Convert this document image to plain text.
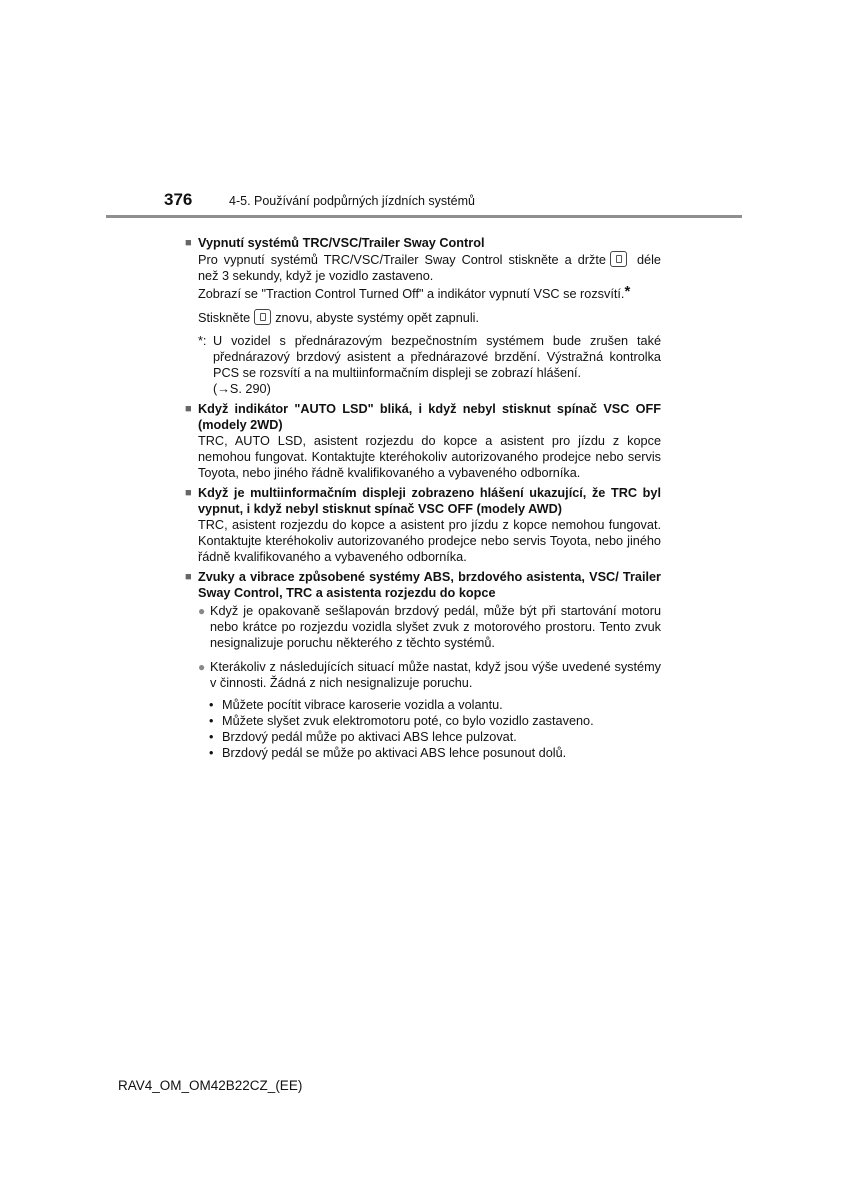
376	4-5. Používání podpůrných jízdních systémů
■ Vypnutí systémů TRC/VSC/Trailer Sway Control
Pro vypnutí systémů TRC/VSC/Trailer Sway Control stiskněte a držte déle než 3 sekundy, když je vozidlo zastaveno.
Zobrazí se "Traction Control Turned Off" a indikátor vypnutí VSC se rozsvítí.*
Stiskněte znovu, abyste systémy opět zapnuli.
*: U vozidel s přednárazovým bezpečnostním systémem bude zrušen také přednárazový brzdový asistent a přednárazové brzdění. Výstražná kontrolka PCS se rozsvítí a na multiinformačním displeji se zobrazí hlášení.
(→S. 290)
■ Když indikátor "AUTO LSD" bliká, i když nebyl stisknut spínač VSC OFF (modely 2WD)
TRC, AUTO LSD, asistent rozjezdu do kopce a asistent pro jízdu z kopce nemohou fungovat. Kontaktujte kteréhokoliv autorizovaného prodejce nebo servis Toyota, nebo jiného řádně kvalifikovaného a vybaveného odborníka.
■ Když je multiinformačním displeji zobrazeno hlášení ukazující, že TRC byl vypnut, i když nebyl stisknut spínač VSC OFF (modely AWD)
TRC, asistent rozjezdu do kopce a asistent pro jízdu z kopce nemohou fungovat. Kontaktujte kteréhokoliv autorizovaného prodejce nebo servis Toyota, nebo jiného řádně kvalifikovaného a vybaveného odborníka.
■ Zvuky a vibrace způsobené systémy ABS, brzdového asistenta, VSC/ Trailer Sway Control, TRC a asistenta rozjezdu do kopce
● Když je opakovaně sešlapován brzdový pedál, může být při startování motoru nebo krátce po rozjezdu vozidla slyšet zvuk z motorového prostoru. Tento zvuk nesignalizuje poruchu některého z těchto systémů.
● Kterákoliv z následujících situací může nastat, když jsou výše uvedené systémy v činnosti. Žádná z nich nesignalizuje poruchu.
• Můžete pocítit vibrace karoserie vozidla a volantu.
• Můžete slyšet zvuk elektromotoru poté, co bylo vozidlo zastaveno.
• Brzdový pedál může po aktivaci ABS lehce pulzovat.
• Brzdový pedál se může po aktivaci ABS lehce posunout dolů.
RAV4_OM_OM42B22CZ_(EE)
